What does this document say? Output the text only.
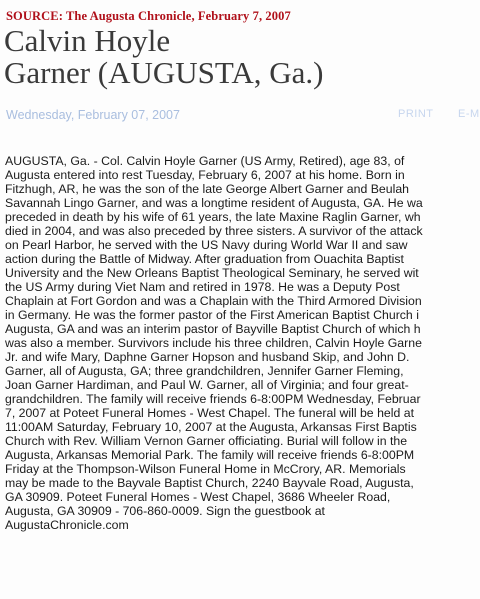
SOURCE: The Augusta Chronicle, February 7, 2007
Calvin Hoyle
Garner (AUGUSTA, Ga.)
Wednesday, February 07, 2007	PRINT E-M
AUGUSTA, Ga. - Col. Calvin Hoyle Garner (US Army, Retired), age 83, of
Augusta entered into rest Tuesday, February 6, 2007 at his home. Born in
Fitzhugh, AR, he was the son of the late George Albert Garner and Beulah
Savannah Lingo Garner, and was a longtime resident of Augusta, GA. He wa
preceded in death by his wife of 61 years, the late Maxine Raglin Garner, wh
died in 2004, and was also preceded by three sisters. A survivor of the attack
on Pearl Harbor, he served with the US Navy during World War II and saw
action during the Battle of Midway. After graduation from Ouachita Baptist
University and the New Orleans Baptist Theological Seminary, he served wit
the US Army during Viet Nam and retired in 1978. He was a Deputy Post
Chaplain at Fort Gordon and was a Chaplain with the Third Armored Division
in Germany. He was the former pastor of the First American Baptist Church i
Augusta, GA and was an interim pastor of Bayville Baptist Church of which h
was also a member. Survivors include his three children, Calvin Hoyle Garne
Jr. and wife Mary, Daphne Garner Hopson and husband Skip, and John D.
Garner, all of Augusta, GA; three grandchildren, Jennifer Garner Fleming,
Joan Garner Hardiman, and Paul W. Garner, all of Virginia; and four great-
grandchildren. The family will receive friends 6-8:00PM Wednesday, Februar
7, 2007 at Poteet Funeral Homes - West Chapel. The funeral will be held at
11:00AM Saturday, February 10, 2007 at the Augusta, Arkansas First Baptis
Church with Rev. William Vernon Garner officiating. Burial will follow in the
Augusta, Arkansas Memorial Park. The family will receive friends 6-8:00PM
Friday at the Thompson-Wilson Funeral Home in McCrory, AR. Memorials
may be made to the Bayvale Baptist Church, 2240 Bayvale Road, Augusta,
GA 30909. Poteet Funeral Homes - West Chapel, 3686 Wheeler Road,
Augusta, GA 30909 - 706-860-0009. Sign the guestbook at
AugustaChronicle.com
